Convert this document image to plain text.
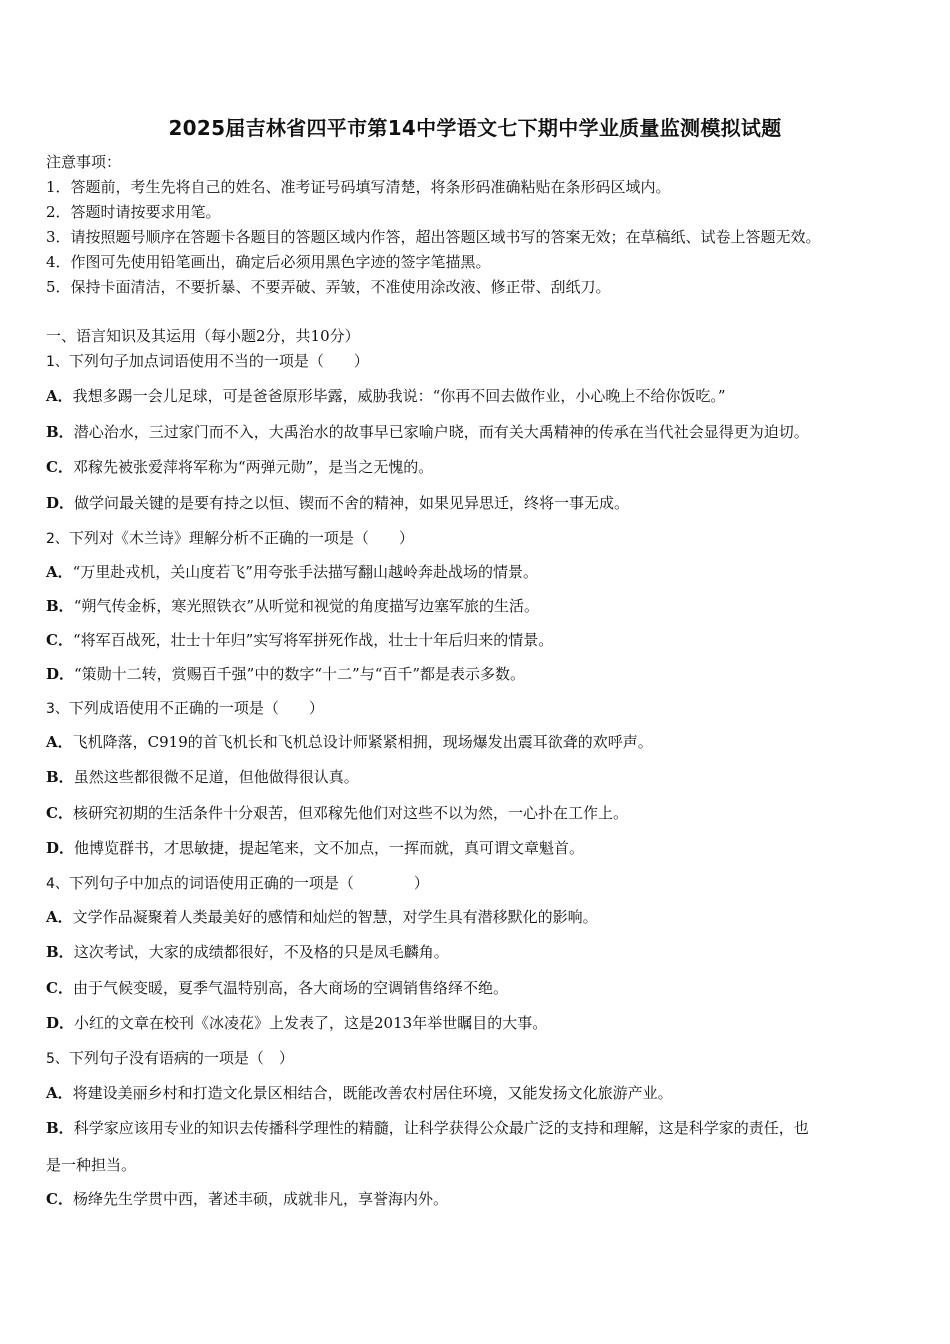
2025届吉林省四平市第14中学语文七下期中学业质量监测模拟试题
注意事项：
1．答题前，考生先将自己的姓名、准考证号码填写清楚，将条形码准确粘贴在条形码区域内。
2．答题时请按要求用笔。
3．请按照题号顺序在答题卡各题目的答题区域内作答，超出答题区域书写的答案无效；在草稿纸、试卷上答题无效。
4．作图可先使用铅笔画出，确定后必须用黑色字迹的签字笔描黑。
5．保持卡面清洁，不要折暴、不要弄破、弄皱，不准使用涂改液、修正带、刮纸刀。
一、语言知识及其运用（每小题2分，共10分）
1、下列句子加点词语使用不当的一项是（　　）
A．我想多踢一会儿足球，可是爸爸原形毕露，威胁我说：“你再不回去做作业，小心晚上不给你饭吃。”
B．潜心治水，三过家门而不入，大禹治水的故事早已家喻户晓，而有关大禹精神的传承在当代社会显得更为迫切。
C．邓稼先被张爱萍将军称为“两弹元勋”，是当之无愧的。
D．做学问最关键的是要有持之以恒、锲而不舍的精神，如果见异思迁，终将一事无成。
2、下列对《木兰诗》理解分析不正确的一项是（　　）
A．“万里赴戎机，关山度若飞”用夸张手法描写翻山越岭奔赴战场的情景。
B．“朔气传金柝，寒光照铁衣”从听觉和视觉的角度描写边塞军旅的生活。
C．“将军百战死，壮士十年归”实写将军拼死作战，壮士十年后归来的情景。
D．“策勋十二转，赏赐百千强”中的数字“十二”与“百千”都是表示多数。
3、下列成语使用不正确的一项是（　　）
A．飞机降落，C919的首飞机长和飞机总设计师紧紧相拥，现场爆发出震耳欲聋的欢呼声。
B．虽然这些都很微不足道，但他做得很认真。
C．核研究初期的生活条件十分艰苦，但邓稼先他们对这些不以为然，一心扑在工作上。
D．他博览群书，才思敏捷，提起笔来，文不加点，一挥而就，真可谓文章魁首。
4、下列句子中加点的词语使用正确的一项是（　　　　）
A．文学作品凝聚着人类最美好的感情和灿烂的智慧，对学生具有潜移默化的影响。
B．这次考试，大家的成绩都很好，不及格的只是凤毛麟角。
C．由于气候变暖，夏季气温特别高，各大商场的空调销售络绎不绝。
D．小红的文章在校刊《冰凌花》上发表了，这是2013年举世瞩目的大事。
5、下列句子没有语病的一项是（　）
A．将建设美丽乡村和打造文化景区相结合，既能改善农村居住环境，又能发扬文化旅游产业。
B．科学家应该用专业的知识去传播科学理性的精髓，让科学获得公众最广泛的支持和理解，这是科学家的责任，也
是一种担当。
C．杨绛先生学贯中西，著述丰硕，成就非凡，享誉海内外。
